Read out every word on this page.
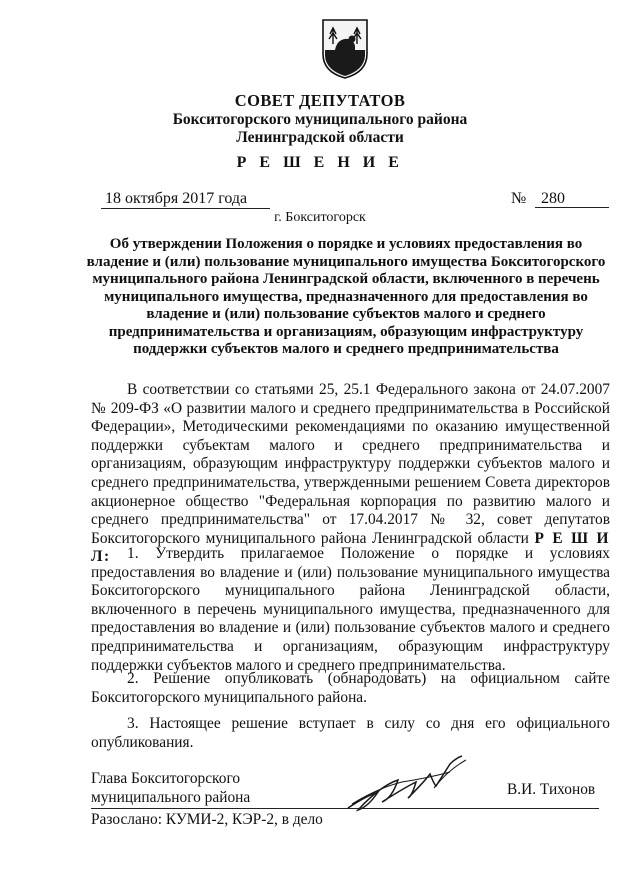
СОВЕТ ДЕПУТАТОВ

Бокситогорского муниципального района

Ленинградской области

Р Е Ш Е Н И Е

18 октября 2017 года	№ 280
г. Бокситогорск

Об утверждении Положения о порядке и условиях предоставления во владение и (или) пользование муниципального имущества Бокситогорского муниципального района Ленинградской области, включенного в перечень муниципального имущества, предназначенного для предоставления во владение и (или) пользование субъектов малого и среднего предпринимательства и организациям, образующим инфраструктуру поддержки субъектов малого и среднего предпринимательства

В соответствии со статьями 25, 25.1 Федерального закона от 24.07.2007 № 209-ФЗ «О развитии малого и среднего предпринимательства в Российской Федерации», Методическими рекомендациями по оказанию имущественной поддержки субъектам малого и среднего предпринимательства и организациям, образующим инфраструктуру поддержки субъектов малого и среднего предпринимательства, утвержденными решением Совета директоров акционерное общество "Федеральная корпорация по развитию малого и среднего предпринимательства" от 17.04.2017 № 32, совет депутатов Бокситогорского муниципального района Ленинградской области Р Е Ш И Л:	1. Утвердить прилагаемое Положение о порядке и условиях предоставления во владение и (или) пользование муниципального имущества Бокситогорского муниципального района Ленинградской области, включенного в перечень муниципального имущества, предназначенного для предоставления во владение и (или) пользование субъектов малого и среднего предпринимательства и организациям, образующим инфраструктуру поддержки субъектов малого и среднего предпринимательства.

2. Решение опубликовать (обнародовать) на официальном сайте Бокситогорского муниципального района.

3. Настоящее решение вступает в силу со дня его официального опубликования.

Глава Бокситогорского
муниципального района	В.И. Тихонов

Разослано: КУМИ-2, КЭР-2, в дело
